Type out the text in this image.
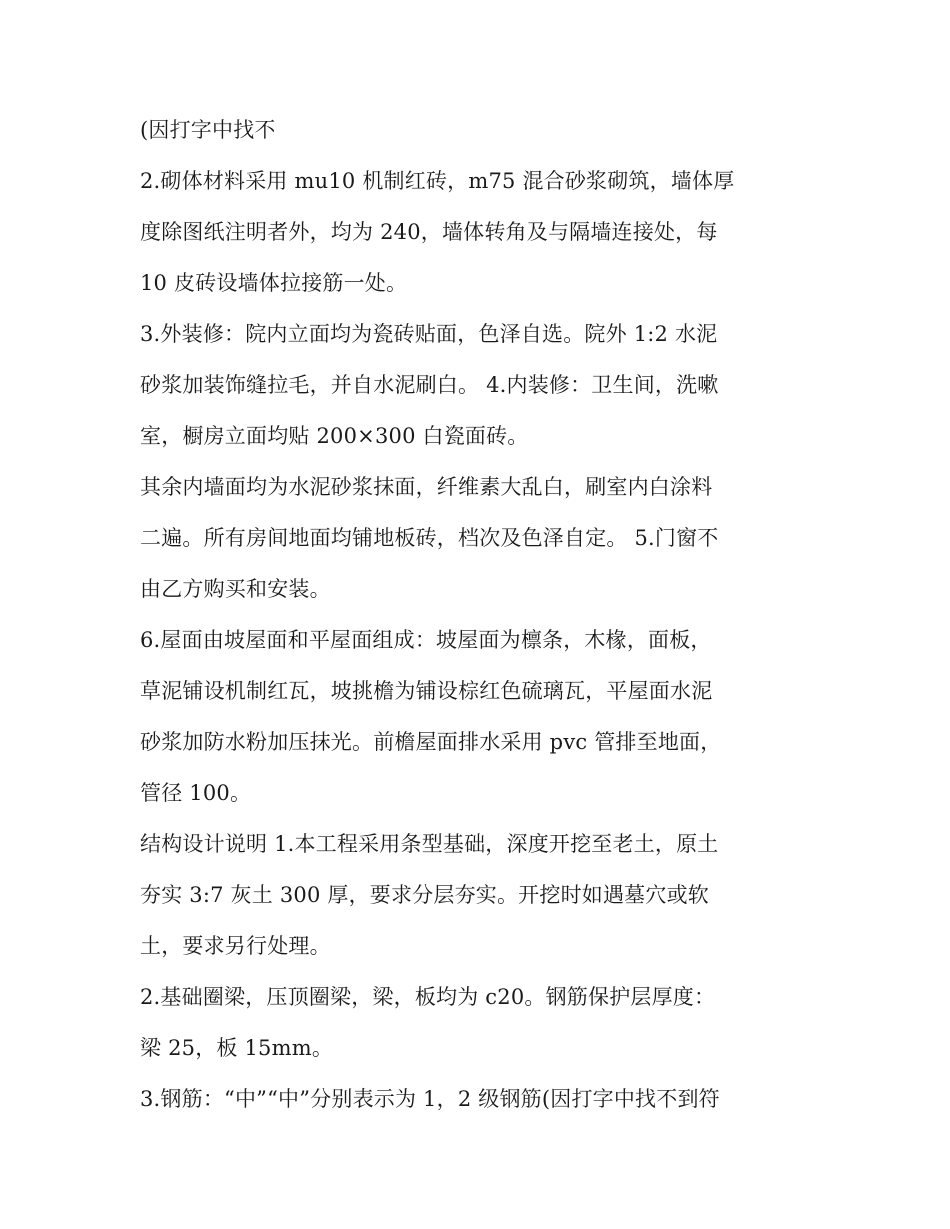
(因打字中找不
2.砌体材料采用 mu10 机制红砖，m75 混合砂浆砌筑，墙体厚
度除图纸注明者外，均为 240，墙体转角及与隔墙连接处，每
10 皮砖设墙体拉接筋一处。
3.外装修：院内立面均为瓷砖贴面，色泽自选。院外 1:2 水泥
砂浆加装饰缝拉毛，并自水泥刷白。 4.内装修：卫生间，洗嗽
室，橱房立面均贴 200×300 白瓷面砖。
其余内墙面均为水泥砂浆抹面，纤维素大乱白，刷室内白涂料
二遍。所有房间地面均铺地板砖，档次及色泽自定。 5.门窗不
由乙方购买和安装。
6.屋面由坡屋面和平屋面组成：坡屋面为檩条，木椽，面板，
草泥铺设机制红瓦，坡挑檐为铺设棕红色硫璃瓦，平屋面水泥
砂浆加防水粉加压抹光。前檐屋面排水采用 pvc 管排至地面，
管径 100。
结构设计说明 1.本工程采用条型基础，深度开挖至老土，原土
夯实 3:7 灰土 300 厚，要求分层夯实。开挖时如遇墓穴或软
土，要求另行处理。
2.基础圈梁，压顶圈梁，梁，板均为 c20。钢筋保护层厚度：
梁 25，板 15mm。
3.钢筋：“中”“中”分别表示为 1，2 级钢筋(因打字中找不到符
